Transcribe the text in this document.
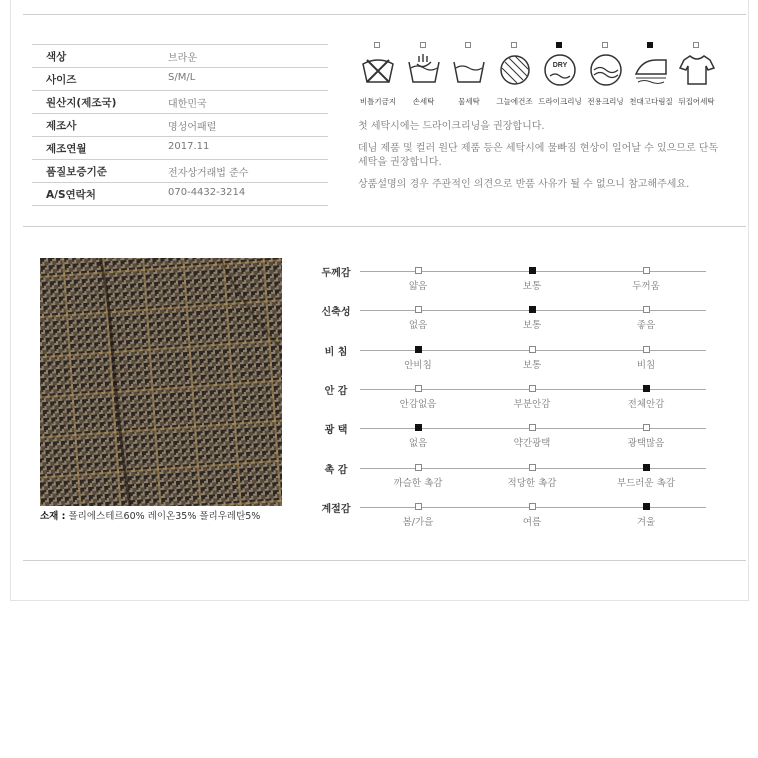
색상	브라운
사이즈	S/M/L
원산지(제조국)	대한민국
제조사	명성어패럴
제조연월	2017.11
품질보증기준	전자상거래법 준수
A/S연락처	070-4432-3214
비틀기금지	손세탁	물세탁	그늘에건조
DRY
드라이크리닝 전용크리닝 천대고다림질 뒤집어세탁

첫 세탁시에는 드라이크리닝을 권장합니다.

데님 제품 및 컬러 원단 제품 등은 세탁시에 물빠짐 현상이 일어날 수 있으므로 단독 세탁을 권장합니다.

상품설명의 경우 주관적인 의견으로 반품 사유가 될 수 없으니 참고해주세요.

소재 : 폴리에스테르60% 레이온35% 폴리우레탄5%
두께감
얇음	보통	두꺼움
신축성
없음	보통	좋음
비 침
안비침	보통	비침
안 감
안감없음	부분안감	전체안감
광 택
없음	약간광택	광택많음
촉 감
까슬한 촉감	적당한 촉감	부드러운 촉감
계절감
봄/가을	여름	겨울
